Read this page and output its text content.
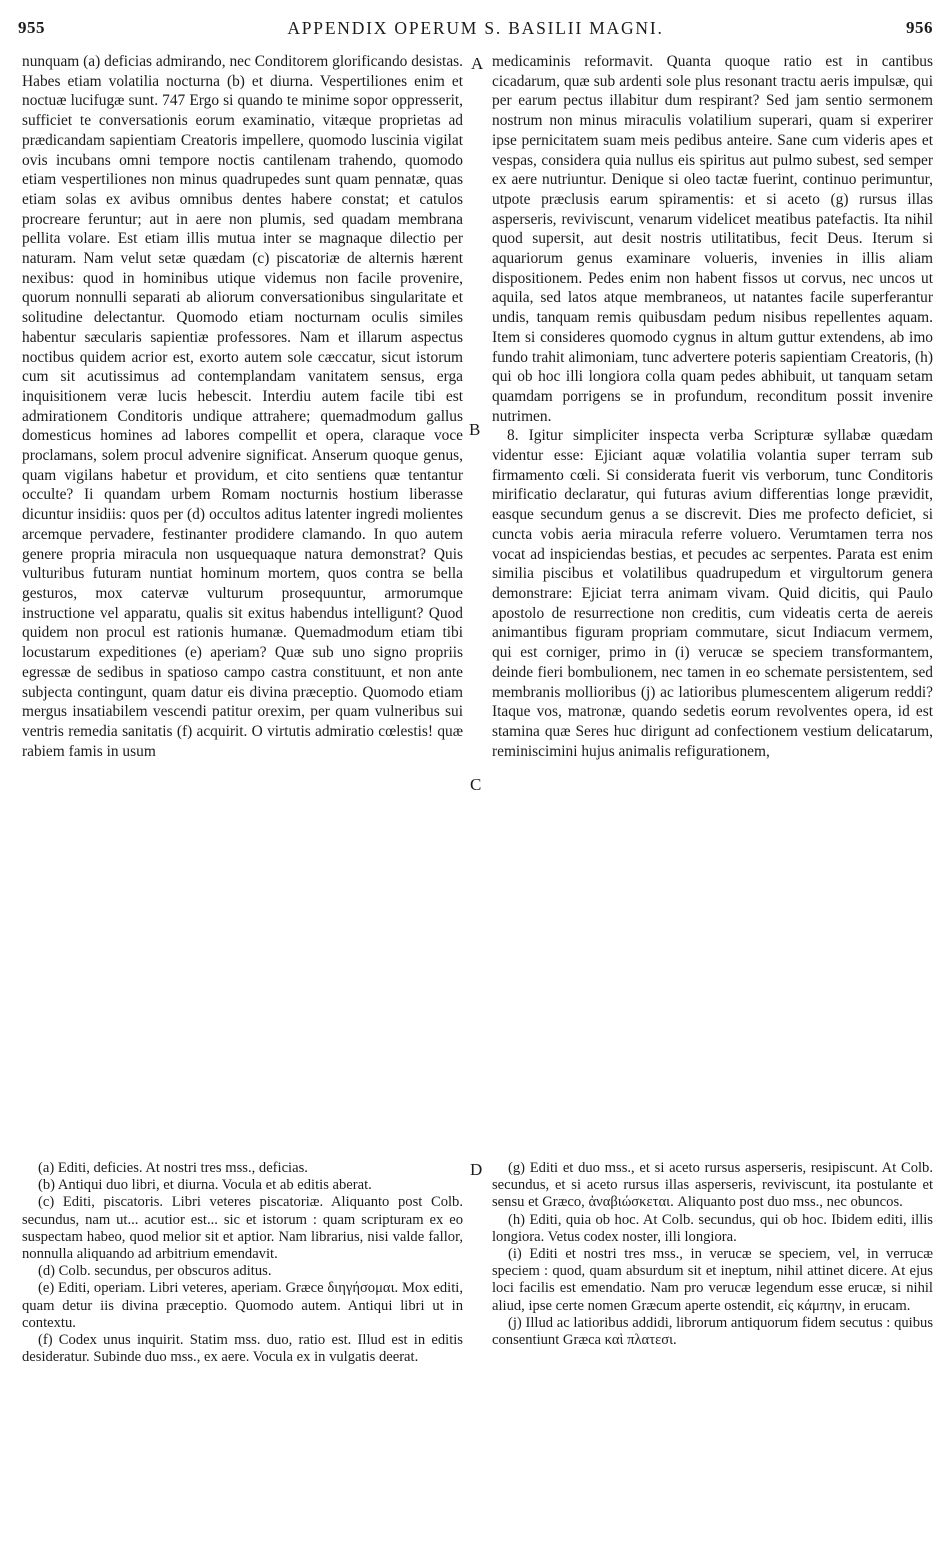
955	APPENDIX OPERUM S. BASILII MAGNI.	956
A
B
C
D

nunquam (a) deficias admirando, nec Conditorem glorificando desistas. Habes etiam volatilia nocturna (b) et diurna. Vespertiliones enim et noctuæ lucifugæ sunt. 747 Ergo si quando te minime sopor oppresserit, sufficiet te conversationis eorum examinatio, vitæque proprietas ad prædicandam sapientiam Creatoris impellere, quomodo luscinia vigilat ovis incubans omni tempore noctis cantilenam trahendo, quomodo etiam vespertiliones non minus quadrupedes sunt quam pennatæ, quas etiam solas ex avibus omnibus dentes habere constat; et catulos procreare feruntur; aut in aere non plumis, sed quadam membrana pellita volare. Est etiam illis mutua inter se magnaque dilectio per naturam. Nam velut setæ quædam (c) piscatoriæ de alternis hærent nexibus: quod in hominibus utique videmus non facile provenire, quorum nonnulli separati ab aliorum conversationibus singularitate et solitudine delectantur. Quomodo etiam nocturnam oculis similes habentur sæcularis sapientiæ professores. Nam et illarum aspectus noctibus quidem acrior est, exorto autem sole cæccatur, sicut istorum cum sit acutissimus ad contemplandam vanitatem sensus, erga inquisitionem veræ lucis hebescit. Interdiu autem facile tibi est admirationem Conditoris undique attrahere; quemadmodum gallus domesticus homines ad labores compellit et opera, claraque voce proclamans, solem procul advenire significat. Anserum quoque genus, quam vigilans habetur et providum, et cito sentiens quæ tentantur occulte? Ii quandam urbem Romam nocturnis hostium liberasse dicuntur insidiis: quos per (d) occultos aditus latenter ingredi molientes arcemque pervadere, festinanter prodidere clamando. In quo autem genere propria miracula non usquequaque natura demonstrat? Quis vulturibus futuram nuntiat hominum mortem, quos contra se bella gesturos, mox catervæ vulturum prosequuntur, armorumque instructione vel apparatu, qualis sit exitus habendus intelligunt? Quod quidem non procul est rationis humanæ. Quemadmodum etiam tibi locustarum expeditiones (e) aperiam? Quæ sub uno signo propriis egressæ de sedibus in spatioso campo castra constituunt, et non ante subjecta contingunt, quam datur eis divina præceptio. Quomodo etiam mergus insatiabilem vescendi patitur orexim, per quam vulneribus sui ventris remedia sanitatis (f) acquirit. O virtutis admiratio cœlestis! quæ rabiem famis in usum

medicaminis reformavit. Quanta quoque ratio est in cantibus cicadarum, quæ sub ardenti sole plus resonant tractu aeris impulsæ, qui per earum pectus illabitur dum respirant? Sed jam sentio sermonem nostrum non minus miraculis volatilium superari, quam si experirer ipse pernicitatem suam meis pedibus anteire. Sane cum videris apes et vespas, considera quia nullus eis spiritus aut pulmo subest, sed semper ex aere nutriuntur. Denique si oleo tactæ fuerint, continuo perimuntur, utpote præclusis earum spiramentis: et si aceto (g) rursus illas asperseris, reviviscunt, venarum videlicet meatibus patefactis. Ita nihil quod supersit, aut desit nostris utilitatibus, fecit Deus. Iterum si aquariorum genus examinare volueris, invenies in illis aliam dispositionem. Pedes enim non habent fissos ut corvus, nec uncos ut aquila, sed latos atque membraneos, ut natantes facile superferantur undis, tanquam remis quibusdam pedum nisibus repellentes aquam. Item si consideres quomodo cygnus in altum guttur extendens, ab imo fundo trahit alimoniam, tunc advertere poteris sapientiam Creatoris, (h) qui ob hoc illi longiora colla quam pedes abhibuit, ut tanquam setam quamdam porrigens se in profundum, reconditum possit invenire nutrimen.

8. Igitur simpliciter inspecta verba Scripturæ syllabæ quædam videntur esse: Ejiciant aquæ volatilia volantia super terram sub firmamento cœli. Si considerata fuerit vis verborum, tunc Conditoris mirificatio declaratur, qui futuras avium differentias longe prævidit, easque secundum genus a se discrevit. Dies me profecto deficiet, si cuncta vobis aeria miracula referre voluero. Verumtamen terra nos vocat ad inspiciendas bestias, et pecudes ac serpentes. Parata est enim similia piscibus et volatilibus quadrupedum et virgultorum genera demonstrare: Ejiciat terra animam vivam. Quid dicitis, qui Paulo apostolo de resurrectione non creditis, cum videatis certa de aereis animantibus figuram propriam commutare, sicut Indiacum vermem, qui est corniger, primo in (i) verucæ se speciem transformantem, deinde fieri bombulionem, nec tamen in eo schemate persistentem, sed membranis mollioribus (j) ac latioribus plumescentem aligerum reddi? Itaque vos, matronæ, quando sedetis eorum revolventes opera, id est stamina quæ Seres huc dirigunt ad confectionem vestium delicatarum, reminiscimini hujus animalis refigurationem,

(a) Editi, deficies. At nostri tres mss., deficias.

(b) Antiqui duo libri, et diurna. Vocula et ab editis aberat.

(c) Editi, piscatoris. Libri veteres piscatoriæ. Aliquanto post Colb. secundus, nam ut... acutior est... sic et istorum : quam scripturam ex eo suspectam habeo, quod melior sit et aptior. Nam librarius, nisi valde fallor, nonnulla aliquando ad arbitrium emendavit.

(d) Colb. secundus, per obscuros aditus.

(e) Editi, operiam. Libri veteres, aperiam. Græce διηγήσομαι. Mox editi, quam detur iis divina præceptio. Quomodo autem. Antiqui libri ut in contextu.

(f) Codex unus inquirit. Statim mss. duo, ratio est. Illud est in editis desideratur. Subinde duo mss., ex aere. Vocula ex in vulgatis deerat.

(g) Editi et duo mss., et si aceto rursus asperseris, resipiscunt. At Colb. secundus, et si aceto rursus illas asperseris, reviviscunt, ita postulante et sensu et Græco, ἀναβιώσκεται. Aliquanto post duo mss., nec obuncos.

(h) Editi, quia ob hoc. At Colb. secundus, qui ob hoc. Ibidem editi, illis longiora. Vetus codex noster, illi longiora.

(i) Editi et nostri tres mss., in verucæ se speciem, vel, in verrucæ speciem : quod, quam absurdum sit et ineptum, nihil attinet dicere. At ejus loci facilis est emendatio. Nam pro verucæ legendum esse erucæ, si nihil aliud, ipse certe nomen Græcum aperte ostendit, εἰς κάμπην, in erucam.

(j) Illud ac latioribus addidi, librorum antiquorum fidem secutus : quibus consentiunt Græca καὶ πλατεσι.
